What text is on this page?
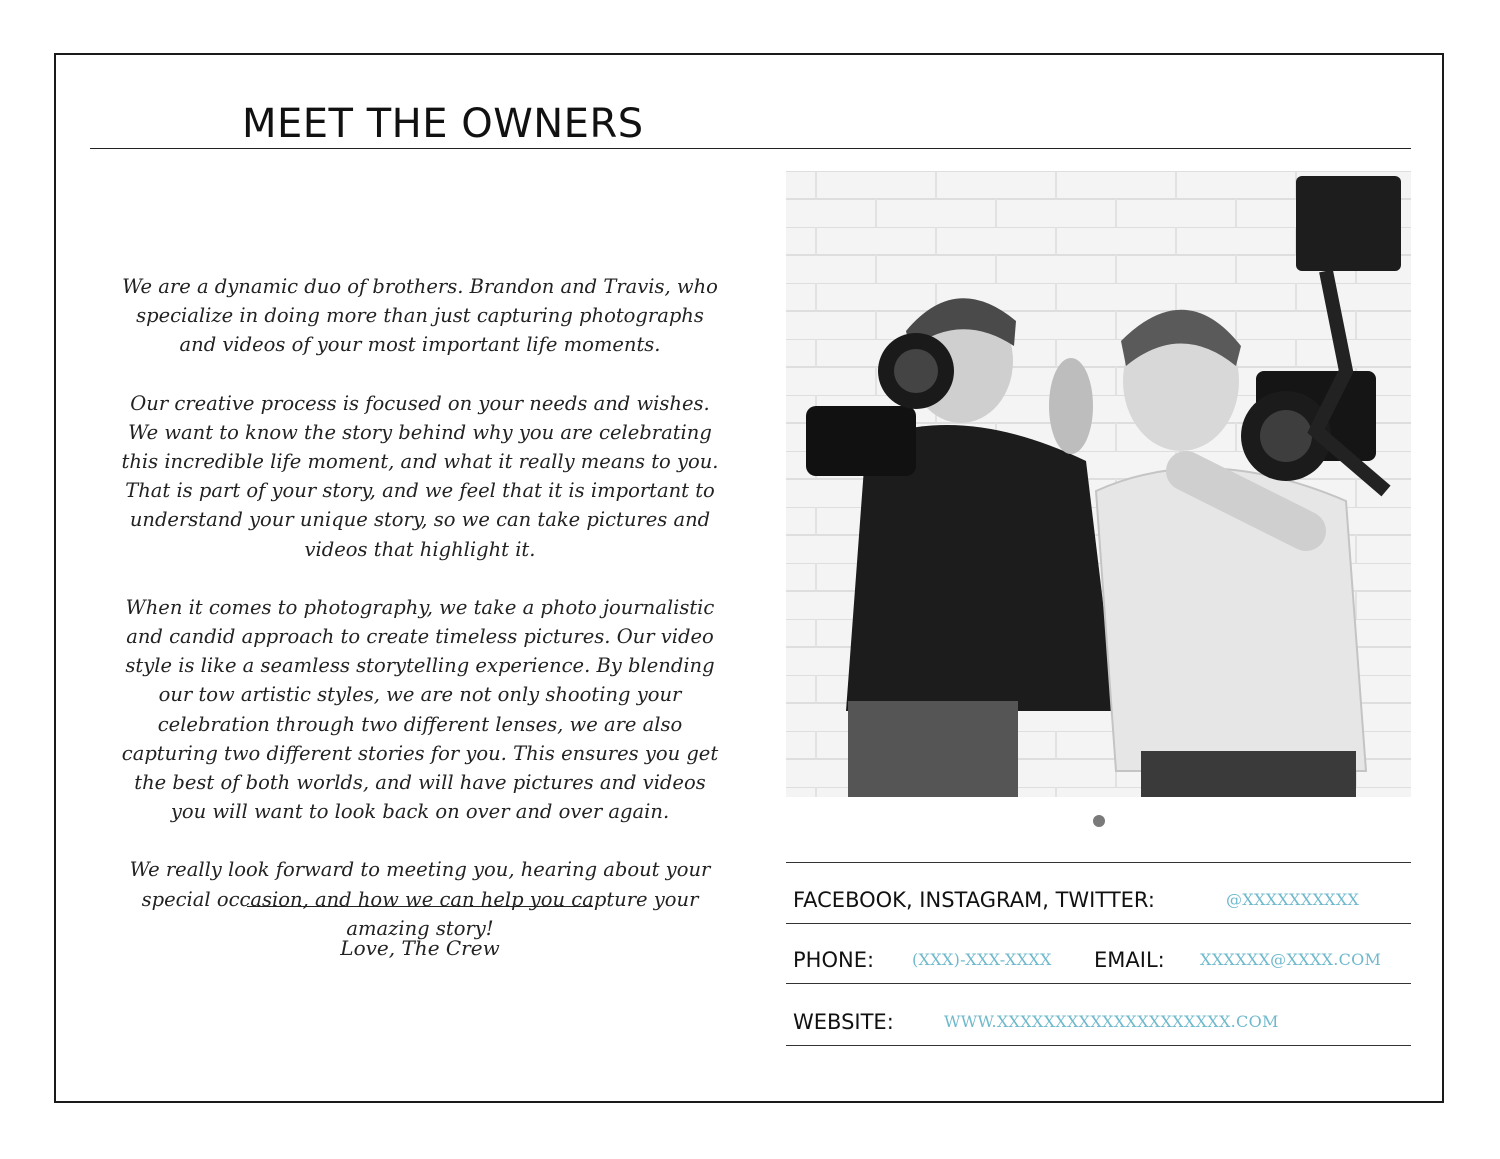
MEET THE OWNERS

We are a dynamic duo of brothers. Brandon and Travis, who specialize in doing more than just capturing photographs and videos of your most important life moments.

Our creative process is focused on your needs and wishes. We want to know the story behind why you are celebrating this incredible life moment, and what it really means to you. That is part of your story, and we feel that it is important to understand your unique story, so we can take pictures and videos that highlight it.

When it comes to photography, we take a photo journalistic and candid approach to create timeless pictures. Our video style is like a seamless storytelling experience. By blending our tow artistic styles, we are not only shooting your celebration through two different lenses, we are also capturing two different stories for you. This ensures you get the best of both worlds, and will have pictures and videos you will want to look back on over and over again.

We really look forward to meeting you, hearing about your special occasion, and how we can help you capture your amazing story!

Love, The Crew
FACEBOOK, INSTAGRAM, TWITTER:	@XXXXXXXXXX
PHONE: (XXX)-XXX-XXXX EMAIL: XXXXXX@XXXX.COM
WEBSITE:	WWW.XXXXXXXXXXXXXXXXXXXX.COM
